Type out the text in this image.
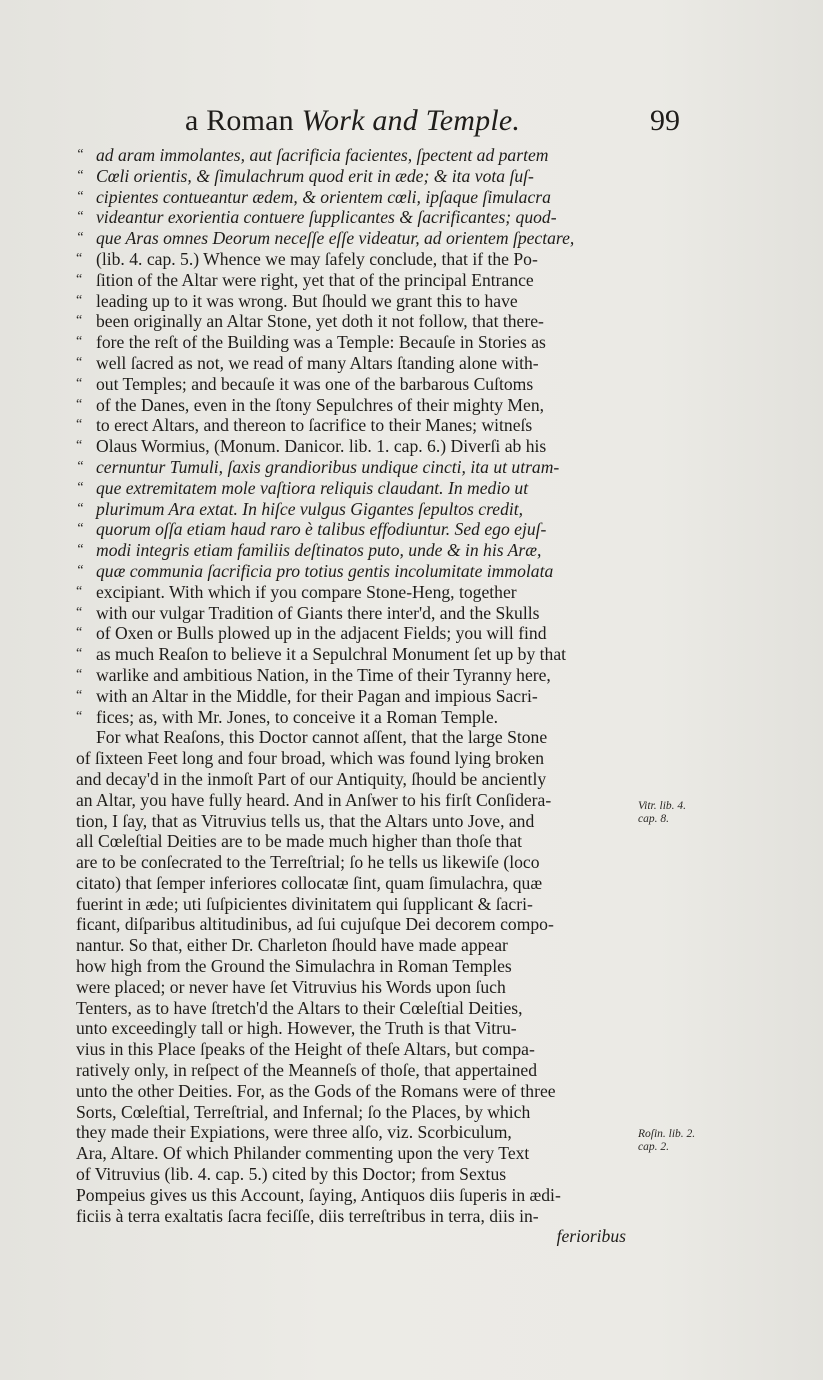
a Roman Work and Temple.	99
“ ad aram immolantes, aut ſacrificia facientes, ſpectent ad partem
“ Cœli orientis, & ſimulachrum quod erit in æde; & ita vota ſuſ-
“ cipientes contueantur ædem, & orientem cœli, ipſaque ſimulacra
“ videantur exorientia contuere ſupplicantes & ſacrificantes; quod-
“ que Aras omnes Deorum neceſſe eſſe videatur, ad orientem ſpectare,
“ (lib. 4. cap. 5.) Whence we may ſafely conclude, that if the Po-
“ ſition of the Altar were right, yet that of the principal Entrance
“ leading up to it was wrong. But ſhould we grant this to have
“ been originally an Altar Stone, yet doth it not follow, that there-
“ fore the reſt of the Building was a Temple: Becauſe in Stories as
“ well ſacred as not, we read of many Altars ſtanding alone with-
“ out Temples; and becauſe it was one of the barbarous Cuſtoms
“ of the Danes, even in the ſtony Sepulchres of their mighty Men,
“ to erect Altars, and thereon to ſacrifice to their Manes; witneſs
“ Olaus Wormius, (Monum. Danicor. lib. 1. cap. 6.) Diverſi ab his
“ cernuntur Tumuli, ſaxis grandioribus undique cincti, ita ut utram-
“ que extremitatem mole vaſtiora reliquis claudant. In medio ut
“ plurimum Ara extat. In hiſce vulgus Gigantes ſepultos credit,
“ quorum oſſa etiam haud raro è talibus effodiuntur. Sed ego ejuſ-
“ modi integris etiam familiis deſtinatos puto, unde & in his Aræ,
“ quæ communia ſacrificia pro totius gentis incolumitate immolata
“ excipiant. With which if you compare Stone-Heng, together
“ with our vulgar Tradition of Giants there inter'd, and the Skulls
“ of Oxen or Bulls plowed up in the adjacent Fields; you will find
“ as much Reaſon to believe it a Sepulchral Monument ſet up by that
“ warlike and ambitious Nation, in the Time of their Tyranny here,
“ with an Altar in the Middle, for their Pagan and impious Sacri-
“ fices; as, with Mr. Jones, to conceive it a Roman Temple.
For what Reaſons, this Doctor cannot aſſent, that the large Stone
of ſixteen Feet long and four broad, which was found lying broken
and decay'd in the inmoſt Part of our Antiquity, ſhould be anciently
an Altar, you have fully heard. And in Anſwer to his firſt Conſidera-
tion, I ſay, that as Vitruvius tells us, that the Altars unto Jove, and
all Cœleſtial Deities are to be made much higher than thoſe that
are to be conſecrated to the Terreſtrial; ſo he tells us likewiſe (loco
citato) that ſemper inferiores collocatæ ſint, quam ſimulachra, quæ
fuerint in æde; uti ſuſpicientes divinitatem qui ſupplicant & ſacri-
ficant, diſparibus altitudinibus, ad ſui cujuſque Dei decorem compo-
nantur. So that, either Dr. Charleton ſhould have made appear
how high from the Ground the Simulachra in Roman Temples
were placed; or never have ſet Vitruvius his Words upon ſuch
Tenters, as to have ſtretch'd the Altars to their Cœleſtial Deities,
unto exceedingly tall or high. However, the Truth is that Vitru-
vius in this Place ſpeaks of the Height of theſe Altars, but compa-
ratively only, in reſpect of the Meanneſs of thoſe, that appertained
unto the other Deities. For, as the Gods of the Romans were of three
Sorts, Cœleſtial, Terreſtrial, and Infernal; ſo the Places, by which
they made their Expiations, were three alſo, viz. Scorbiculum,
Ara, Altare. Of which Philander commenting upon the very Text
of Vitruvius (lib. 4. cap. 5.) cited by this Doctor; from Sextus
Pompeius gives us this Account, ſaying, Antiquos diis ſuperis in ædi-
ficiis à terra exaltatis ſacra feciſſe, diis terreſtribus in terra, diis in-
ferioribus
Vitr. lib. 4.
cap. 8.
Roſin. lib. 2.
cap. 2.
